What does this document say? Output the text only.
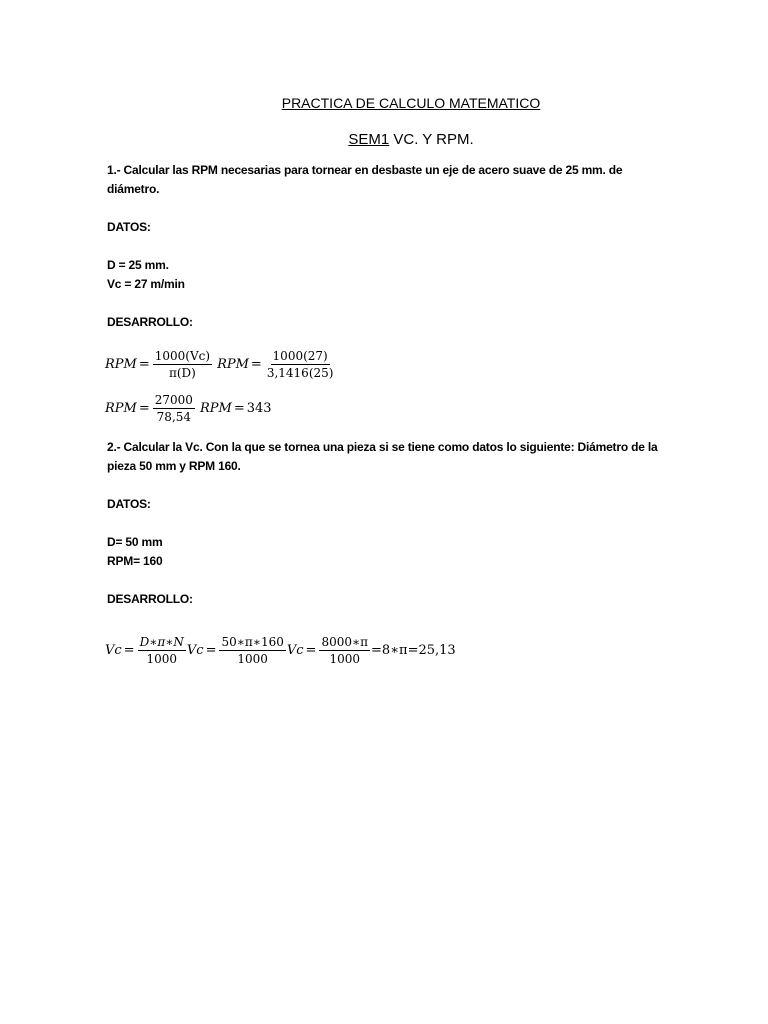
PRACTICA DE CALCULO MATEMATICO
SEM1 VC. Y RPM.
1.- Calcular las RPM necesarias para tornear en desbaste un eje de acero suave de 25 mm. de diámetro.
DATOS:
D = 25 mm.
Vc = 27 m/min
DESARROLLO:
RPM = $\frac{1000(Vc)}{\pi(D)}$ RPM = $\frac{1000(27)}{3,1416(25)}$
RPM = $\frac{27000}{78,54}$ RPM = 343
2.- Calcular la Vc. Con la que se tornea una pieza si se tiene como datos lo siguiente: Diámetro de la pieza 50 mm y RPM 160.
DATOS:
D= 50 mm
RPM= 160
DESARROLLO:
$Vc = \frac{D∗\pi∗N}{1000}$ $Vc = \frac{50∗\pi∗160}{1000}$ $Vc = \frac{8000∗\pi}{1000}$ =8∗π=25,13
